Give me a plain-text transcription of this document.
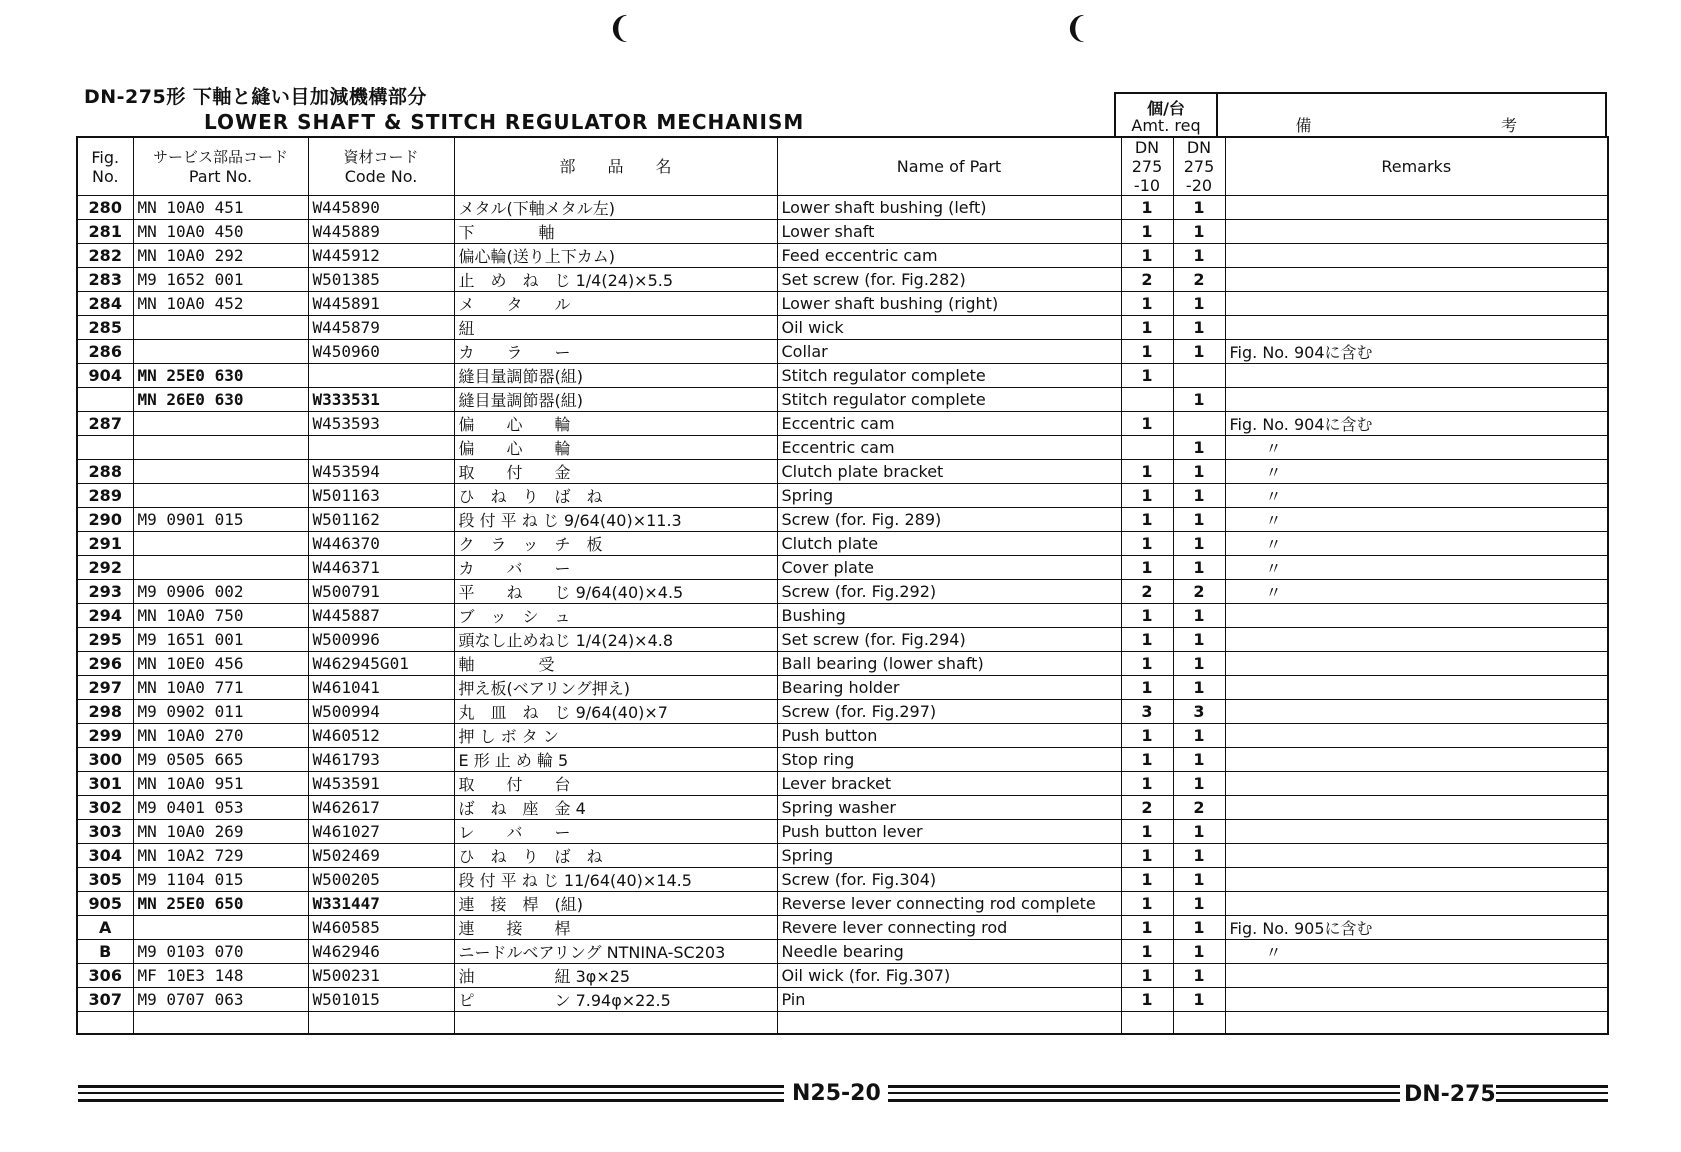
❨	❨
DN-275形 下軸と縫い目加減機構部分
LOWER SHAFT & STITCH REGULATOR MECHANISM
個/台
Amt. req
Fig.
No.	サービス部品コード
Part No.	資材コード
Code No.	部　　品　　名	Name of Part	DN
275
-10	DN
275
-20	備 考
Remarks
280	MN 10A0 451	W445890	メタル(下軸メタル左)	Lower shaft bushing (left)	1	1	
281	MN 10A0 450	W445889	下　　　　軸	Lower shaft	1	1	
282	MN 10A0 292	W445912	偏心輪(送り上下カム)	Feed eccentric cam	1	1	
283	M9 1652 001	W501385	止　め　ね　じ 1/4(24)×5.5	Set screw (for. Fig.282)	2	2	
284	MN 10A0 452	W445891	メ　　タ　　ル	Lower shaft bushing (right)	1	1	
285		W445879	紐	Oil wick	1	1	
286		W450960	カ　　ラ　　ー	Collar	1	1	Fig. No. 904に含む
904	MN 25E0 630		縫目量調節器(組)	Stitch regulator complete	1		
	MN 26E0 630	W333531	縫目量調節器(組)	Stitch regulator complete		1	
287		W453593	偏　　心　　輪	Eccentric cam	1		Fig. No. 904に含む
			偏　　心　　輪	Eccentric cam		1	〃
288		W453594	取　　付　　金	Clutch plate bracket	1	1	〃
289		W501163	ひ　ね　り　ば　ね	Spring	1	1	〃
290	M9 0901 015	W501162	段 付 平 ね じ 9/64(40)×11.3	Screw (for. Fig. 289)	1	1	〃
291		W446370	ク　ラ　ッ　チ　板	Clutch plate	1	1	〃
292		W446371	カ　　バ　　ー	Cover plate	1	1	〃
293	M9 0906 002	W500791	平　　ね　　じ 9/64(40)×4.5	Screw (for. Fig.292)	2	2	〃
294	MN 10A0 750	W445887	ブ　ッ　シ　ュ	Bushing	1	1	
295	M9 1651 001	W500996	頭なし止めねじ 1/4(24)×4.8	Set screw (for. Fig.294)	1	1	
296	MN 10E0 456	W462945G01	軸　　　　受	Ball bearing (lower shaft)	1	1	
297	MN 10A0 771	W461041	押え板(ベアリング押え)	Bearing holder	1	1	
298	M9 0902 011	W500994	丸　皿　ね　じ 9/64(40)×7	Screw (for. Fig.297)	3	3	
299	MN 10A0 270	W460512	押 し ボ タ ン	Push button	1	1	
300	M9 0505 665	W461793	E 形 止 め 輪 5	Stop ring	1	1	
301	MN 10A0 951	W453591	取　　付　　台	Lever bracket	1	1	
302	M9 0401 053	W462617	ば　ね　座　金 4	Spring washer	2	2	
303	MN 10A0 269	W461027	レ　　バ　　ー	Push button lever	1	1	
304	MN 10A2 729	W502469	ひ　ね　り　ば　ね	Spring	1	1	
305	M9 1104 015	W500205	段 付 平 ね じ 11/64(40)×14.5	Screw (for. Fig.304)	1	1	
905	MN 25E0 650	W331447	連　接　桿　(組)	Reverse lever connecting rod complete	1	1	
A		W460585	連　　接　　桿	Revere lever connecting rod	1	1	Fig. No. 905に含む
B	M9 0103 070	W462946	ニードルベアリング NTNINA-SC203	Needle bearing	1	1	〃
306	MF 10E3 148	W500231	油　　　　　紐 3φ×25	Oil wick (for. Fig.307)	1	1	
307	M9 0707 063	W501015	ピ　　　　　ン 7.94φ×22.5	Pin	1	1	

N25-20	DN-275
